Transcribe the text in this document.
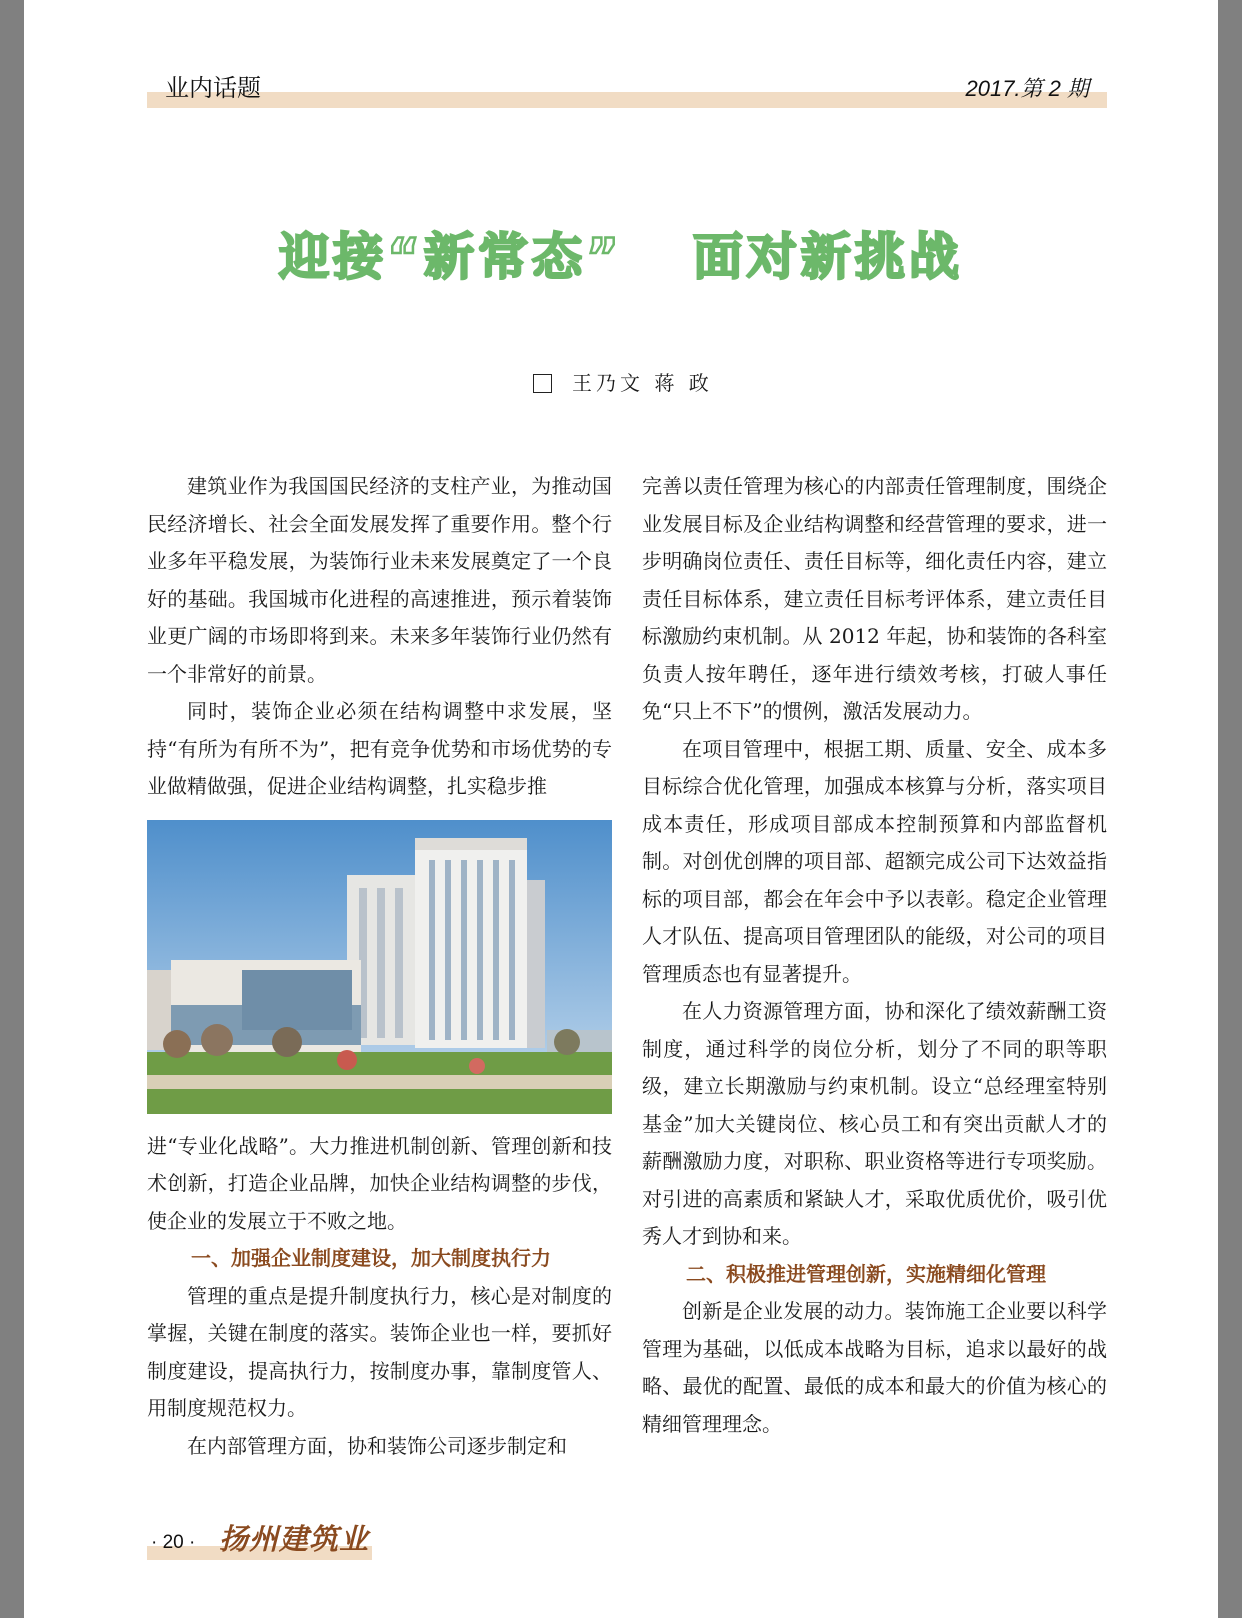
业内话题	2017.第 2 期
迎接“新常态” 面对新挑战
王乃文 蒋 政

建筑业作为我国国民经济的支柱产业，为推动国民经济增长、社会全面发展发挥了重要作用。整个行业多年平稳发展，为装饰行业未来发展奠定了一个良好的基础。我国城市化进程的高速推进，预示着装饰业更广阔的市场即将到来。未来多年装饰行业仍然有一个非常好的前景。

同时，装饰企业必须在结构调整中求发展，坚持“有所为有所不为”，把有竞争优势和市场优势的专业做精做强，促进企业结构调整，扎实稳步推

进“专业化战略”。大力推进机制创新、管理创新和技术创新，打造企业品牌，加快企业结构调整的步伐，使企业的发展立于不败之地。

一、加强企业制度建设，加大制度执行力

管理的重点是提升制度执行力，核心是对制度的掌握，关键在制度的落实。装饰企业也一样，要抓好制度建设，提高执行力，按制度办事，靠制度管人、用制度规范权力。

在内部管理方面，协和装饰公司逐步制定和

完善以责任管理为核心的内部责任管理制度，围绕企业发展目标及企业结构调整和经营管理的要求，进一步明确岗位责任、责任目标等，细化责任内容，建立责任目标体系，建立责任目标考评体系，建立责任目标激励约束机制。从 2012 年起，协和装饰的各科室负责人按年聘任，逐年进行绩效考核，打破人事任免“只上不下”的惯例，激活发展动力。

在项目管理中，根据工期、质量、安全、成本多目标综合优化管理，加强成本核算与分析，落实项目成本责任，形成项目部成本控制预算和内部监督机制。对创优创牌的项目部、超额完成公司下达效益指标的项目部，都会在年会中予以表彰。稳定企业管理人才队伍、提高项目管理团队的能级，对公司的项目管理质态也有显著提升。

在人力资源管理方面，协和深化了绩效薪酬工资制度，通过科学的岗位分析，划分了不同的职等职级，建立长期激励与约束机制。设立“总经理室特别基金”加大关键岗位、核心员工和有突出贡献人才的薪酬激励力度，对职称、职业资格等进行专项奖励。对引进的高素质和紧缺人才，采取优质优价，吸引优秀人才到协和来。

二、积极推进管理创新，实施精细化管理

创新是企业发展的动力。装饰施工企业要以科学管理为基础，以低成本战略为目标，追求以最好的战略、最优的配置、最低的成本和最大的价值为核心的精细管理理念。

· 20 · 扬州建筑业
